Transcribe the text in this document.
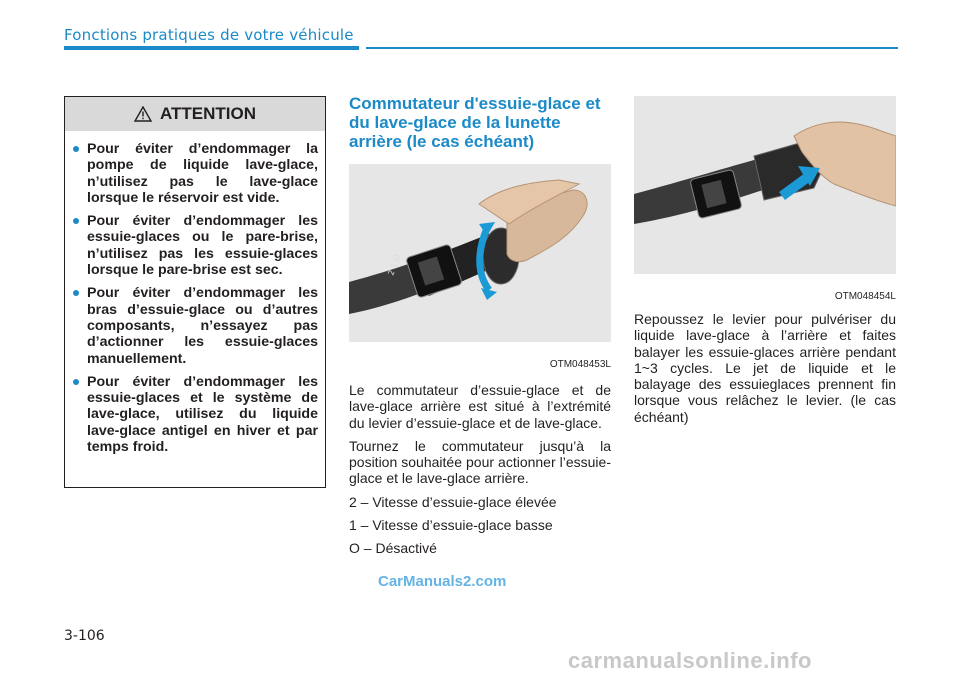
Fonctions pratiques de votre véhicule
ATTENTION
Pour éviter d’endommager la pompe de liquide lave-glace, n’utilisez pas le lave-glace lorsque le réservoir est vide.
Pour éviter d’endommager les essuie-glaces ou le pare-brise, n’utilisez pas les essuie-glaces lorsque le pare-brise est sec.
Pour éviter d’endommager les bras d’essuie-glace ou d’autres composants, n’essayez pas d’actionner les essuie-glaces manuellement.
Pour éviter d’endommager les essuie-glaces et le système de lave-glace, utilisez du liquide lave-glace antigel en hiver et par temps froid.
Commutateur d'essuie-glace et du lave-glace de la lunette arrière (le cas échéant)
2 1 O
OTM048453L

Le commutateur d’essuie-glace et de lave-glace arrière est situé à l’extrémité du levier d’essuie-glace et de lave-glace.

Tournez le commutateur jusqu’à la position souhaitée pour actionner l’essuie-glace et le lave-glace arrière.

2 – Vitesse d’essuie-glace élevée

1 – Vitesse d’essuie-glace basse

O – Désactivé

OTM048454L

Repoussez le levier pour pulvériser du liquide lave-glace à l’arrière et faites balayer les essuie-glaces arrière pendant 1~3 cycles. Le jet de liquide et le balayage des essuieglaces prennent fin lorsque vous relâchez le levier. (le cas échéant)

3-106
CarManuals2.com
carmanualsonline.info
